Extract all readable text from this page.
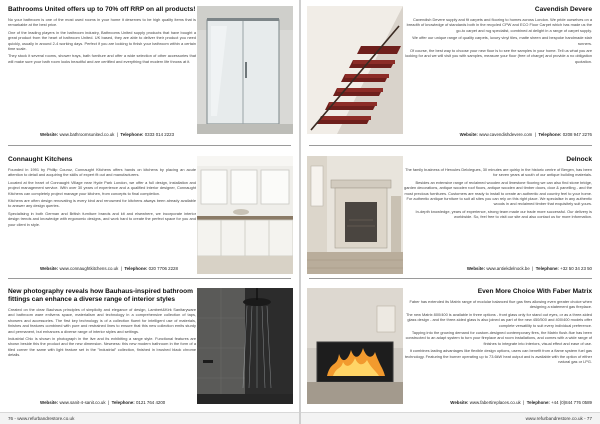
Bathrooms United offers up to 70% off RRP on all products!

No your bathroom is one of the most used rooms in your home it deserves to be high quality items that is remarkable at the best price.

One of the leading players in the bathroom industry, Bathrooms United supply products that have bought a great product from the heart of bathroom United. UK based, they are able to deliver their product you need quickly, usually in around 2-4 working days. Perfect if you are looking to finish your bathroom within a certain time scale.

They stock it several rooms, shower trays, bath furniture and offer a wide selection of other accessories that will make sure your bath room looks beautiful and are certified and everything that modern life throws at it.

Website: www.bathroomsunited.co.uk  |  Telephone: 0333 014 2223
Connaught Kitchens

Founded in 1991 by Phillip Couroz, Connaught Kitchens offers hands on kitchens by placing an acute attention to detail and acquiring the skills of expert fit out and manufacturers.

Located at the heart of Connaught Village near Hyde Park London, we offer a full design, installation and project management service. With over 30 years of experience and a qualified interior designer, Connaught Kitchens can completely project manage your kitchen, from concepts to final completion.

Kitchens are often design renovating is every kind and renowned for kitchens always been already available to answer any design queries.

Specialising in both German and British furniture brands and kit and elsewhere, we incorporate interior design trends and knowledge with ergonomic designs, and work hard to create the perfect space for you and your client in style.

Website: www.connaughtkitchens.co.uk  |  Telephone: 020 7706 2228
New photography reveals how Bauhaus-inspired bathroom fittings can enhance a diverse range of interior styles

Created on the clear Bauhaus principles of simplicity and elegance of design, Lambert&Kirk Sanitaryware and bathroom ware enlivens space, materialism and technology in a comprehensive collection of taps, showers and accessories. The first key technology is of a collection fluent for intelligent use of materials, finishes and features combined with pure and restrained lines to ensure that this new collection emits sturdy and permanent, but enhances a diverse range of interior styles and settings.

Industrial Chic is shown in photograph in the live and its exhibiting a range style. Functional features are shown beside this the product and the new dimension. Newness: this new modern bathroom in the form of a tiled corner the same with light feature set in the "Industrial" collection, finished in brushed black chrome details.

Website: www.sanit-4-sanit.co.uk  |  Telephone: 0121 764 4200
76 - www.refurbandrestore.co.uk
Cavendish Devere

Cavendish Devere supply and fit carpets and flooring to homes across London. We pride ourselves on a breadth of knowledge of standards both in the recycled CPW and ECO Floor Carpet which has made us the go-to carpet and rug specialist, combined at delight in a range of carpet supply.

We offer our unique range of quality carpets, luxury vinyl tiles, matte sheen and bespoke handmade stair runners.

Of course, the best way to choose your new floor is to see the samples in your home. Tell us what you are looking for and we will visit you with samples, measure your floor (free of charge) and provide a no obligation quotation.

Website: www.cavendishdevere.com  |  Telephone: 0208 947 2276
Delnock

The family business of Hercules Delclegues, 30 minutes are quirky in the historic centre of Bergen, has been for seven years at south of our antique building materials.

Besides an extensive range of reclaimed wooden and limestone flooring we can also find stone bridge, garden decorations, antique wooden roof floors, antique wooden and timber doors, door & panelling - and the most precious furnitures. Customers are ready to install to create an authentic and country feel to your home. For authentic antique furniture to suit all sites you can rely on this right place. We specialise in any authentic woods in and reclaimed timber that exquisitely suit yours.

In-depth knowledge, years of experience, strong team made our trade more successful. Our delivery is worldwide. So, feel free to visit our site and also contact us for more information.

Website: www.antiekdelnock.be  |  Telephone: +32 50 34 23 50
Even More Choice With Faber Matrix

Faber has extended its Matrix range of modular balanced flue gas fires allowing even greater choice when designing a statement gas fireplace.

The new Matrix 800/400 is available in three options - front glass only for stand out eyes, or as a three-sided glass design - and the three-sided glass is also joined as part of the new 450/500 and 400/400 models offer complete versatility to suit every individual preference.

Tapping into the growing demand for custom-designed contemporary fires, the Matrix flush-flue has been constructed to an adapt system to turn your fireplace and room installations, and comes with a wide range of finishes to integrate into interiors, visual effect and ease of use.

It combines lasting advantages like flexible design options, users can benefit from a flame system fuel gas technology. Featuring the burner operating up to 73.6kW heat output and is available with the option of either natural gas or LPG.

Website: www.fabertireplaces.co.uk  |  Telephone: +44 (0)844 776 0589
www.refurbandrestore.co.uk - 77
